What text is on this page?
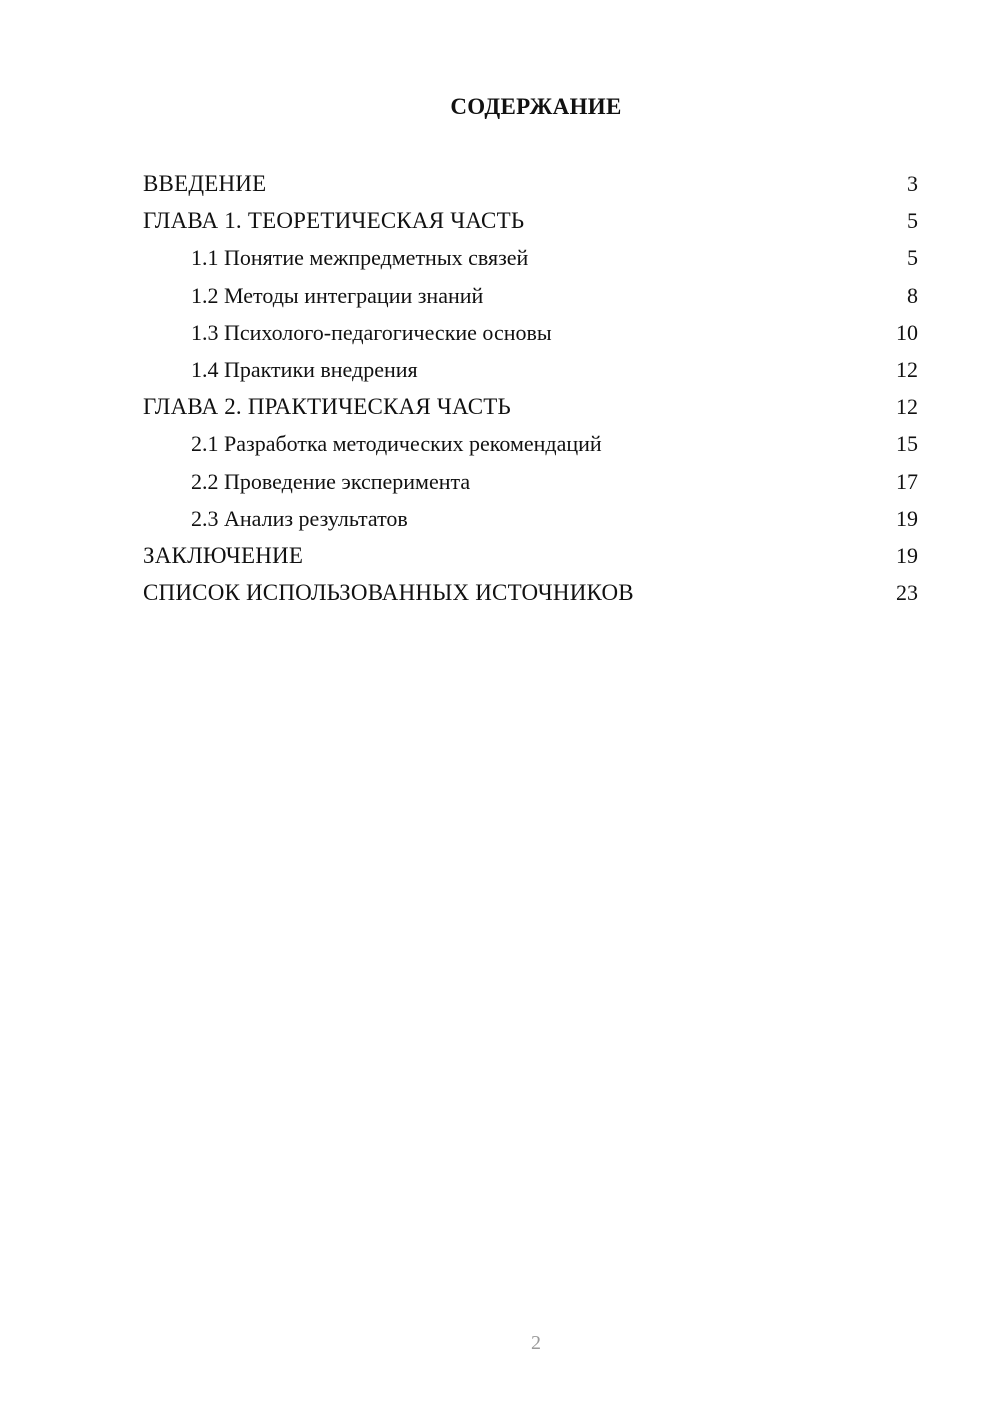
СОДЕРЖАНИЕ
ВВЕДЕНИЕ	3
ГЛАВА 1. ТЕОРЕТИЧЕСКАЯ ЧАСТЬ	5
1.1 Понятие межпредметных связей	5
1.2 Методы интеграции знаний	8
1.3 Психолого-педагогические основы	10
1.4 Практики внедрения	12
ГЛАВА 2. ПРАКТИЧЕСКАЯ ЧАСТЬ	12
2.1 Разработка методических рекомендаций	15
2.2 Проведение эксперимента	17
2.3 Анализ результатов	19
ЗАКЛЮЧЕНИЕ	19
СПИСОК ИСПОЛЬЗОВАННЫХ ИСТОЧНИКОВ	23
2
